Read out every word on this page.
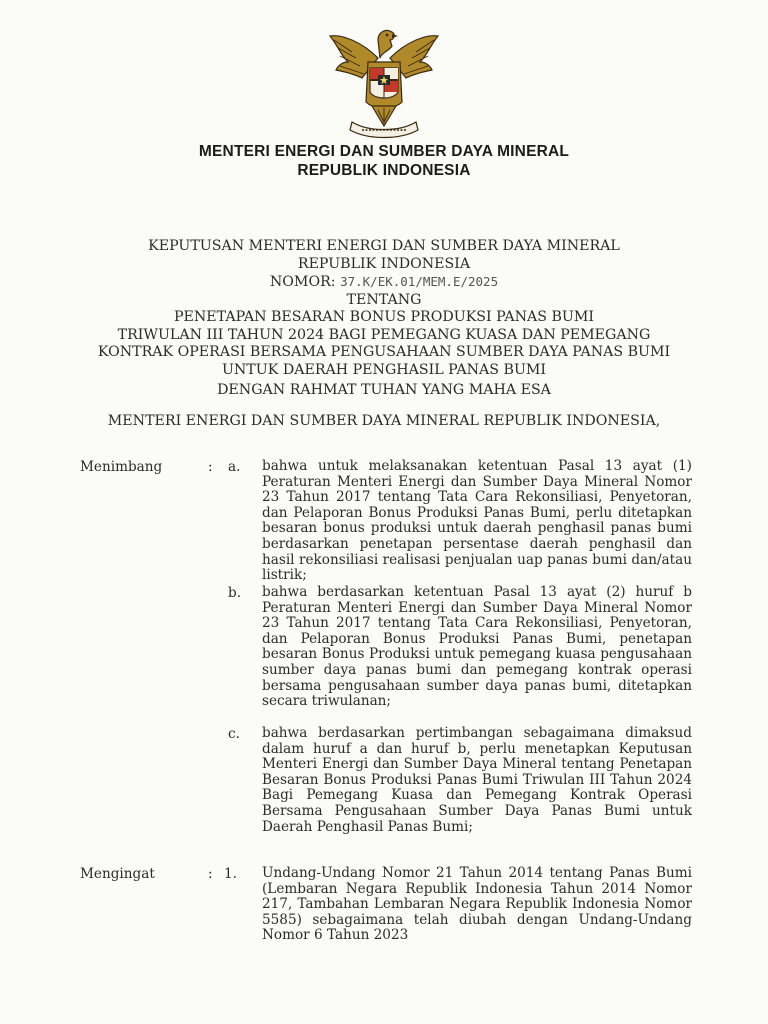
MENTERI ENERGI DAN SUMBER DAYA MINERAL
REPUBLIK INDONESIA
KEPUTUSAN MENTERI ENERGI DAN SUMBER DAYA MINERAL
REPUBLIK INDONESIA
NOMOR: 37.K/EK.01/MEM.E/2025
TENTANG
PENETAPAN BESARAN BONUS PRODUKSI PANAS BUMI
TRIWULAN III TAHUN 2024 BAGI PEMEGANG KUASA DAN PEMEGANG
KONTRAK OPERASI BERSAMA PENGUSAHAAN SUMBER DAYA PANAS BUMI
UNTUK DAERAH PENGHASIL PANAS BUMI
DENGAN RAHMAT TUHAN YANG MAHA ESA
MENTERI ENERGI DAN SUMBER DAYA MINERAL REPUBLIK INDONESIA,
Menimbang	: a. bahwa untuk melaksanakan ketentuan Pasal 13 ayat (1) Peraturan Menteri Energi dan Sumber Daya Mineral Nomor 23 Tahun 2017 tentang Tata Cara Rekonsiliasi, Penyetoran, dan Pelaporan Bonus Produksi Panas Bumi, perlu ditetapkan besaran bonus produksi untuk daerah penghasil panas bumi berdasarkan penetapan persentase daerah penghasil dan hasil rekonsiliasi realisasi penjualan uap panas bumi dan/atau listrik;
b. bahwa berdasarkan ketentuan Pasal 13 ayat (2) huruf b Peraturan Menteri Energi dan Sumber Daya Mineral Nomor 23 Tahun 2017 tentang Tata Cara Rekonsiliasi, Penyetoran, dan Pelaporan Bonus Produksi Panas Bumi, penetapan besaran Bonus Produksi untuk pemegang kuasa pengusahaan sumber daya panas bumi dan pemegang kontrak operasi bersama pengusahaan sumber daya panas bumi, ditetapkan secara triwulanan;
c. bahwa berdasarkan pertimbangan sebagaimana dimaksud dalam huruf a dan huruf b, perlu menetapkan Keputusan Menteri Energi dan Sumber Daya Mineral tentang Penetapan Besaran Bonus Produksi Panas Bumi Triwulan III Tahun 2024 Bagi Pemegang Kuasa dan Pemegang Kontrak Operasi Bersama Pengusahaan Sumber Daya Panas Bumi untuk Daerah Penghasil Panas Bumi;
Mengingat	: 1. Undang-Undang Nomor 21 Tahun 2014 tentang Panas Bumi (Lembaran Negara Republik Indonesia Tahun 2014 Nomor 217, Tambahan Lembaran Negara Republik Indonesia Nomor 5585) sebagaimana telah diubah dengan Undang-Undang Nomor 6 Tahun 2023
